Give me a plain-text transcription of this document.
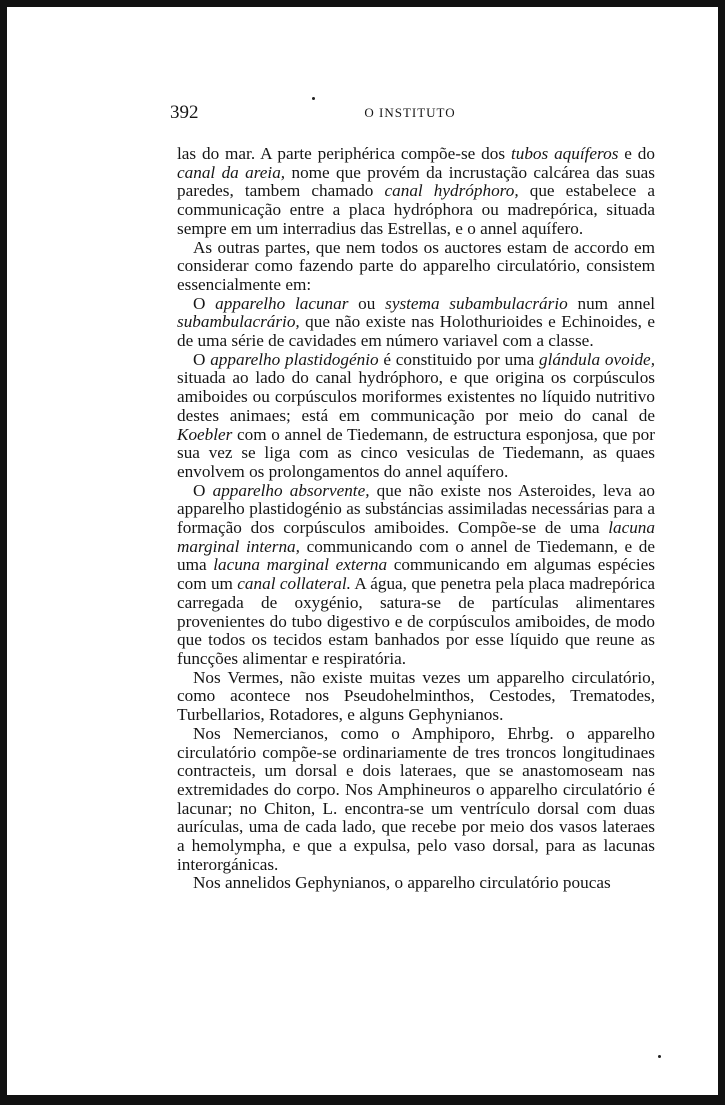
392	O INSTITUTO

las do mar. A parte periphérica compõe-se dos tubos aquíferos e do canal da areia, nome que provém da incrustação calcárea das suas paredes, tambem chamado canal hydróphoro, que estabelece a communicação entre a placa hydróphora ou madrepórica, situada sempre em um interradius das Estrellas, e o annel aquífero.

As outras partes, que nem todos os auctores estam de accordo em considerar como fazendo parte do apparelho circulatório, consistem essencialmente em:

O apparelho lacunar ou systema subambulacrário num annel subambulacrário, que não existe nas Holothurioides e Echinoides, e de uma série de cavidades em número variavel com a classe.

O apparelho plastidogénio é constituido por uma glándula ovoide, situada ao lado do canal hydróphoro, e que origina os corpúsculos amiboides ou corpúsculos moriformes existentes no líquido nutritivo destes animaes; está em communicação por meio do canal de Koebler com o annel de Tiedemann, de estructura esponjosa, que por sua vez se liga com as cinco vesiculas de Tiedemann, as quaes envolvem os prolongamentos do annel aquífero.

O apparelho absorvente, que não existe nos Asteroides, leva ao apparelho plastidogénio as substáncias assimiladas necessárias para a formação dos corpúsculos amiboides. Compõe-se de uma lacuna marginal interna, communicando com o annel de Tiedemann, e de uma lacuna marginal externa communicando em algumas espécies com um canal collateral. A água, que penetra pela placa madrepórica carregada de oxygénio, satura-se de partículas alimentares provenientes do tubo digestivo e de corpúsculos amiboides, de modo que todos os tecidos estam banhados por esse líquido que reune as funcções alimentar e respiratória.

Nos Vermes, não existe muitas vezes um apparelho circulatório, como acontece nos Pseudohelminthos, Cestodes, Trematodes, Turbellarios, Rotadores, e alguns Gephynianos.

Nos Nemercianos, como o Amphiporo, Ehrbg. o apparelho circulatório compõe-se ordinariamente de tres troncos longitudinaes contracteis, um dorsal e dois lateraes, que se anastomoseam nas extremidades do corpo. Nos Amphineuros o apparelho circulatório é lacunar; no Chiton, L. encontra-se um ventrículo dorsal com duas aurículas, uma de cada lado, que recebe por meio dos vasos lateraes a hemolympha, e que a expulsa, pelo vaso dorsal, para as lacunas interorgánicas.

Nos annelidos Gephynianos, o apparelho circulatório poucas
